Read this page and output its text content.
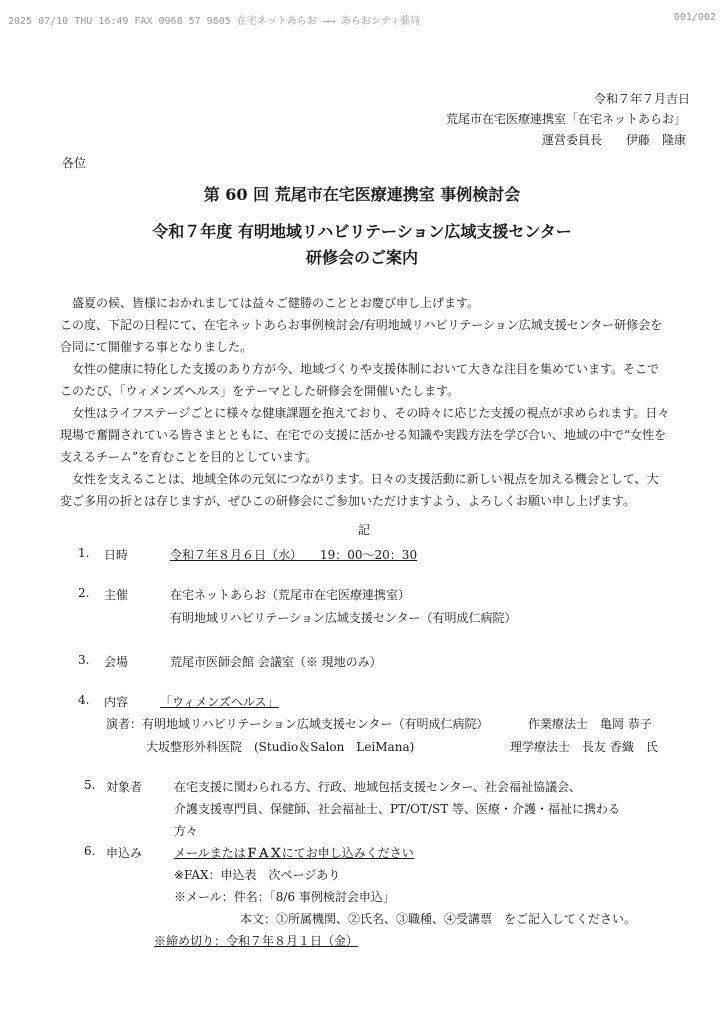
2025 07/10 THU 16:49 FAX 0968 57 9605 在宅ネットあらお ⟶⟶ あらおシティ薬局	001/002
令和７年７月吉日
荒尾市在宅医療連携室「在宅ネットあらお」
運営委員長 伊藤　隆康
各位
第 60 回 荒尾市在宅医療連携室 事例検討会
令和７年度 有明地域リハビリテーション広域支援センター
研修会のご案内

　盛夏の候、皆様におかれましては益々ご健勝のこととお慶び申し上げます。

この度、下記の日程にて、在宅ネットあらお事例検討会/有明地域リハビリテーション広域支援センター研修会を合同にて開催する事となりました。

　女性の健康に特化した支援のあり方が今、地域づくりや支援体制において大きな注目を集めています。そこでこのたび、「ウィメンズヘルス」をテーマとした研修会を開催いたします。

　女性はライフステージごとに様々な健康課題を抱えており、その時々に応じた支援の視点が求められます。日々現場で奮闘されている皆さまとともに、在宅での支援に活かせる知識や実践方法を学び合い、地域の中で“女性を支えるチーム”を育むことを目的としています。

　女性を支えることは、地域全体の元気につながります。日々の支援活動に新しい視点を加える機会として、大変ご多用の折とは存じますが、ぜひこの研修会にご参加いただけますよう、よろしくお願い申し上げます。

記
1. 日時	令和７年８月６日（水）　　19：00～20：30
2. 主催	在宅ネットあらお（荒尾市在宅医療連携室）
有明地域リハビリテーション広域支援センター（有明成仁病院）
3. 会場	荒尾市医師会館 会議室（※ 現地のみ）
4. 内容	「ウィメンズヘルス」
演者：有明地域リハビリテーション広域支援センター（有明成仁病院）	作業療法士　亀岡 恭子
大坂整形外科医院　(Studio＆Salon　LeiMana)	理学療法士　長友 香織　氏
5. 対象者	在宅支援に関わられる方、行政、地域包括支援センター、社会福祉協議会、
介護支援専門員、保健師、社会福祉士、PT/OT/ST 等、医療・介護・福祉に携わる
方々
6. 申込み	メールまたはＦＡＸにてお申し込みください
※FAX：申込表　次ページあり
※メール：件名：「8/6 事例検討会申込」
本文：①所属機関、②氏名、③職種、④受講票　をご記入してください。
※締め切り：令和７年８月１日（金）
